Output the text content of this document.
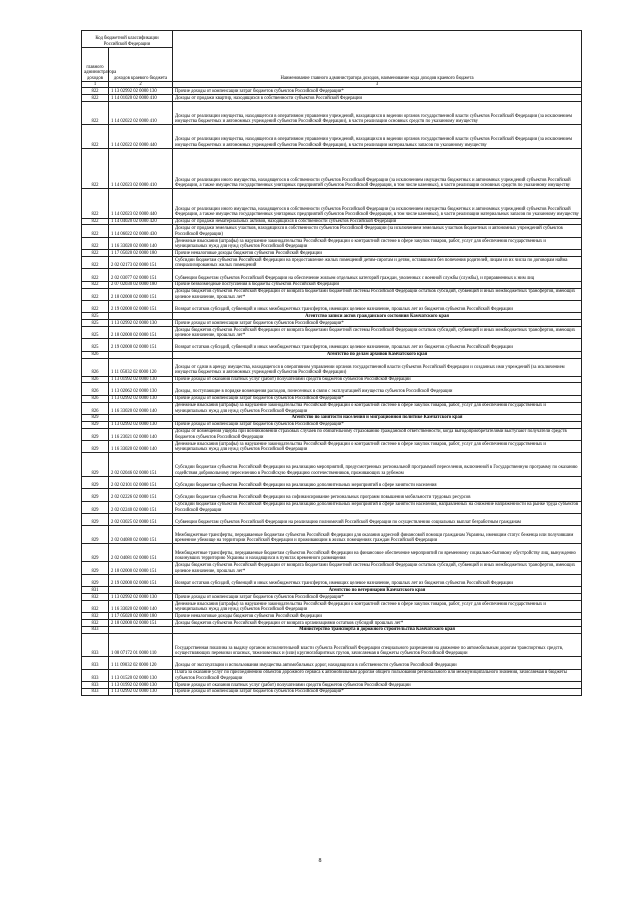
Код бюджетной классификации Российской Федерации		Наименование главного администратора доходов, наименование кода доходов краевого бюджета
главного администратора доходов	доходов краевого бюджета	
1	2	3
822	1 13 02992 02 0000 130	Прочие доходы от компенсации затрат бюджетов субъектов Российской Федерации*
822	1 14 01020 02 0000 410	Доходы от продажи квартир, находящихся в собственности субъектов Российской Федерации
822	1 14 02022 02 0000 410	Доходы от реализации имущества, находящегося в оперативном управлении учреждений, находящихся в ведении органов государственной власти субъектов Российской Федерации (за исключением имущества бюджетных и автономных учреждений субъектов Российской Федерации), в части реализации основных средств по указанному имуществу
822	1 14 02022 02 0000 440	Доходы от реализации имущества, находящегося в оперативном управлении учреждений, находящихся в ведении органов государственной власти субъектов Российской Федерации (за исключением имущества бюджетных и автономных учреждений субъектов Российской Федерации), в части реализации материальных запасов по указанному имуществу
822	1 14 02023 02 0000 410	Доходы от реализации иного имущества, находящегося в собственности субъектов Российской Федерации (за исключением имущества бюджетных и автономных учреждений субъектов Российской Федерации, а также имущества государственных унитарных предприятий субъектов Российской Федерации, в том числе казенных), в части реализации основных средств по указанному имуществу
822	1 14 02023 02 0000 440	Доходы от реализации иного имущества, находящегося в собственности субъектов Российской Федерации (за исключением имущества бюджетных и автономных учреждений субъектов Российской Федерации, а также имущества государственных унитарных предприятий субъектов Российской Федерации, в том числе казенных), в части реализации материальных запасов по указанному имуществу
822	1 14 04020 02 0000 420	Доходы от продажи нематериальных активов, находящихся в собственности субъектов Российской Федерации
822	1 14 06022 02 0000 430	Доходы от продажи земельных участков, находящихся в собственности субъектов Российской Федерации (за исключением земельных участков бюджетных и автономных учреждений субъектов Российской Федерации)
822	1 16 33020 02 0000 140	Денежные взыскания (штрафы) за нарушение законодательства Российской Федерации о контрактной системе в сфере закупок товаров, работ, услуг для обеспечения государственных и муниципальных нужд для нужд субъектов Российской Федерации
822	1 17 05020 02 0000 180	Прочие неналоговые доходы бюджетов субъектов Российской Федерации
822	2 02 02173 02 0000 151	Субсидии бюджетам субъектов Российской Федерации на предоставление жилых помещений детям-сиротам и детям, оставшимся без попечения родителей, лицам из их числа по договорам найма специализированных жилых помещений
822	2 02 03077 02 0000 151	Субвенции бюджетам субъектов Российской Федерации на обеспечение жильем отдельных категорий граждан, уволенных с военной службы (службы), и приравненных к ним лиц
822	2 07 02030 02 0000 180	Прочие безвозмездные поступления в бюджеты субъектов Российской Федерации
822	2 18 02000 02 0000 151	Доходы бюджетов субъектов Российской Федерации от возврата бюджетами бюджетной системы Российской Федерации остатков субсидий, субвенций и иных межбюджетных трансфертов, имеющих целевое назначение, прошлых лет*
822	2 19 02000 02 0000 151	Возврат остатков субсидий, субвенций и иных межбюджетных трансфертов, имеющих целевое назначение, прошлых лет из бюджетов субъектов Российской Федерации
825		Агентство записи актов гражданского состояния Камчатского края
825	1 13 02992 02 0000 130	Прочие доходы от компенсации затрат бюджетов субъектов Российской Федерации*
825	2 18 02000 02 0000 151	Доходы бюджетов субъектов Российской Федерации от возврата бюджетами бюджетной системы Российской Федерации остатков субсидий, субвенций и иных межбюджетных трансфертов, имеющих целевое назначение, прошлых лет*
825	2 19 02000 02 0000 151	Возврат остатков субсидий, субвенций и иных межбюджетных трансфертов, имеющих целевое назначение, прошлых лет из бюджетов субъектов Российской Федерации
826		Агентство по делам архивов Камчатского края
826	1 11 05032 02 0000 120	Доходы от сдачи в аренду имущества, находящегося в оперативном управлении органов государственной власти субъектов Российской Федерации и созданных ими учреждений (за исключением имущества бюджетных и автономных учреждений субъектов Российской Федерации)
826	1 13 01992 02 0000 130	Прочие доходы от оказания платных услуг (работ) получателями средств бюджетов субъектов Российской Федерации
826	1 13 02062 02 0000 130	Доходы, поступающие в порядке возмещения расходов, понесенных в связи с эксплуатацией имущества субъектов Российской Федерации
826	1 13 02992 02 0000 130	Прочие доходы от компенсации затрат бюджетов субъектов Российской Федерации*
826	1 16 33020 02 0000 140	Денежные взыскания (штрафы) за нарушение законодательства Российской Федерации о контрактной системе в сфере закупок товаров, работ, услуг для обеспечения государственных и муниципальных нужд для нужд субъектов Российской Федерации
829		Агентство по занятости населения и миграционной политике Камчатского края
829	1 13 02992 02 0000 130	Прочие доходы от компенсации затрат бюджетов субъектов Российской Федерации*
829	1 16 23021 02 0000 140	Доходы от возмещения ущерба при возникновении страховых случаев по обязательному страхованию гражданской ответственности, когда выгодоприобретателями выступают получатели средств бюджетов субъектов Российской Федерации
829	1 16 33020 02 0000 140	Денежные взыскания (штрафы) за нарушение законодательства Российской Федерации о контрактной системе в сфере закупок товаров, работ, услуг для обеспечения государственных и муниципальных нужд для нужд субъектов Российской Федерации
829	2 02 02046 02 0000 151	Субсидии бюджетам субъектов Российской Федерации на реализацию мероприятий, предусмотренных региональной программой переселения, включенной в Государственную программу по оказанию содействия добровольному переселению в Российскую Федерацию соотечественников, проживающих за рубежом
829	2 02 02101 02 0000 151	Субсидии бюджетам субъектов Российской Федерации на реализацию дополнительных мероприятий в сфере занятости населения
829	2 02 02226 02 0000 151	Субсидии бюджетам субъектов Российской Федерации на софинансирование региональных программ повышения мобильности трудовых ресурсов
829	2 02 02240 02 0000 151	Субсидии бюджетам субъектов Российской Федерации на реализацию дополнительных мероприятий в сфере занятости населения, направленных на снижение напряженности на рынке труда субъектов Российской Федерации
829	2 02 03025 02 0000 151	Субвенции бюджетам субъектов Российской Федерации на реализацию полномочий Российской Федерации по осуществлению социальных выплат безработным гражданам
829	2 02 04080 02 0000 151	Межбюджетные трансферты, передаваемые бюджетам субъектов Российской Федерации для оказания адресной финансовой помощи гражданам Украины, имеющим статус беженца или получившим временное убежище на территории Российской Федерации и проживающим в жилых помещениях граждан Российской Федерации
829	2 02 04081 02 0000 151	Межбюджетные трансферты, передаваемые бюджетам субъектов Российской Федерации на финансовое обеспечение мероприятий по временному социально-бытовому обустройству лиц, вынужденно покинувших территорию Украины и находящихся в пунктах временного размещения
829	2 18 02000 02 0000 151	Доходы бюджетов субъектов Российской Федерации от возврата бюджетами бюджетной системы Российской Федерации остатков субсидий, субвенций и иных межбюджетных трансфертов, имеющих целевое назначение, прошлых лет*
829	2 19 02000 02 0000 151	Возврат остатков субсидий, субвенций и иных межбюджетных трансфертов, имеющих целевое назначение, прошлых лет из бюджетов субъектов Российской Федерации
831		Агентство по ветеринарии Камчатского края
832	1 13 02992 02 0000 130	Прочие доходы от компенсации затрат бюджетов субъектов Российской Федерации*
832	1 16 33020 02 0000 140	Денежные взыскания (штрафы) за нарушение законодательства Российской Федерации о контрактной системе в сфере закупок товаров, работ, услуг для обеспечения государственных и муниципальных нужд для нужд субъектов Российской Федерации
832	1 17 05020 02 0000 180	Прочие неналоговые доходы бюджетов субъектов Российской Федерации
832	2 18 02000 02 0000 151	Доходы бюджетов субъектов Российской Федерации от возврата организациями остатков субсидий прошлых лет*
833		Министерство транспорта и дорожного строительства Камчатского края
833	1 08 07172 01 0000 110	Государственная пошлина за выдачу органом исполнительной власти субъекта Российской Федерации специального разрешения на движение по автомобильным дорогам транспортных средств, осуществляющих перевозки опасных, тяжеловесных и (или) крупногабаритных грузов, зачисляемая в бюджеты субъектов Российской Федерации
833	1 11 09032 02 0000 120	Доходы от эксплуатации и использования имущества автомобильных дорог, находящихся в собственности субъектов Российской Федерации
833	1 13 01520 02 0000 130	Плата за оказание услуг по присоединению объектов дорожного сервиса к автомобильным дорогам общего пользования регионального или межмуниципального значения, зачисляемая в бюджеты субъектов Российской Федерации
833	1 13 01992 02 0000 130	Прочие доходы от оказания платных услуг (работ) получателями средств бюджетов субъектов Российской Федерации
833	1 13 02992 02 0000 130	Прочие доходы от компенсации затрат бюджетов субъектов Российской Федерации*
8
